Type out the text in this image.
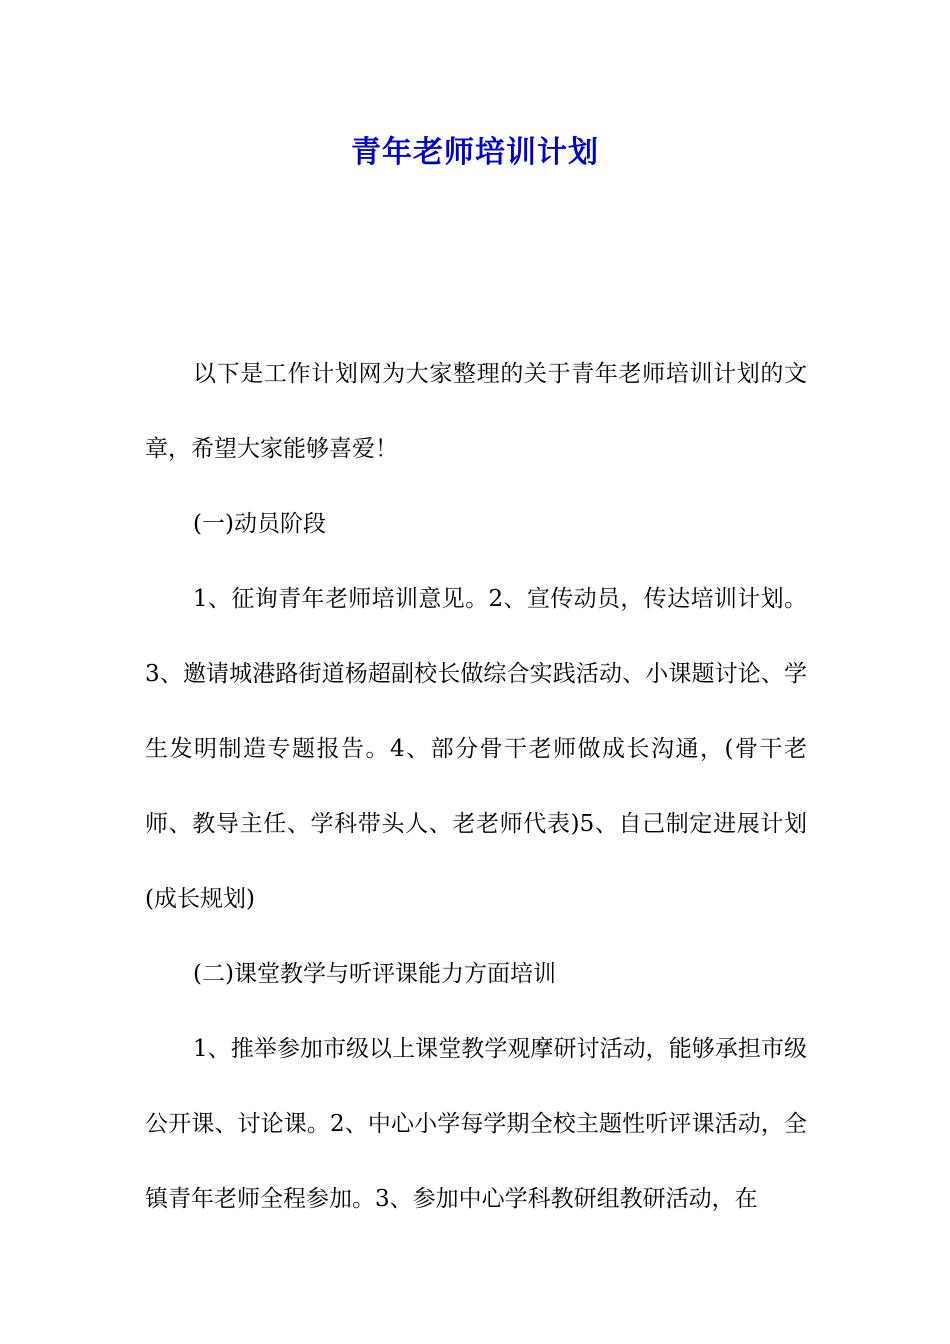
青年老师培训计划

以下是工作计划网为大家整理的关于青年老师培训计划的文章，希望大家能够喜爱！

(一)动员阶段

1、征询青年老师培训意见。2、宣传动员，传达培训计划。3、邀请城港路街道杨超副校长做综合实践活动、小课题讨论、学生发明制造专题报告。4、部分骨干老师做成长沟通，(骨干老师、教导主任、学科带头人、老老师代表)5、自己制定进展计划(成长规划)

(二)课堂教学与听评课能力方面培训

1、推举参加市级以上课堂教学观摩研讨活动，能够承担市级公开课、讨论课。2、中心小学每学期全校主题性听评课活动，全镇青年老师全程参加。3、参加中心学科教研组教研活动，在
